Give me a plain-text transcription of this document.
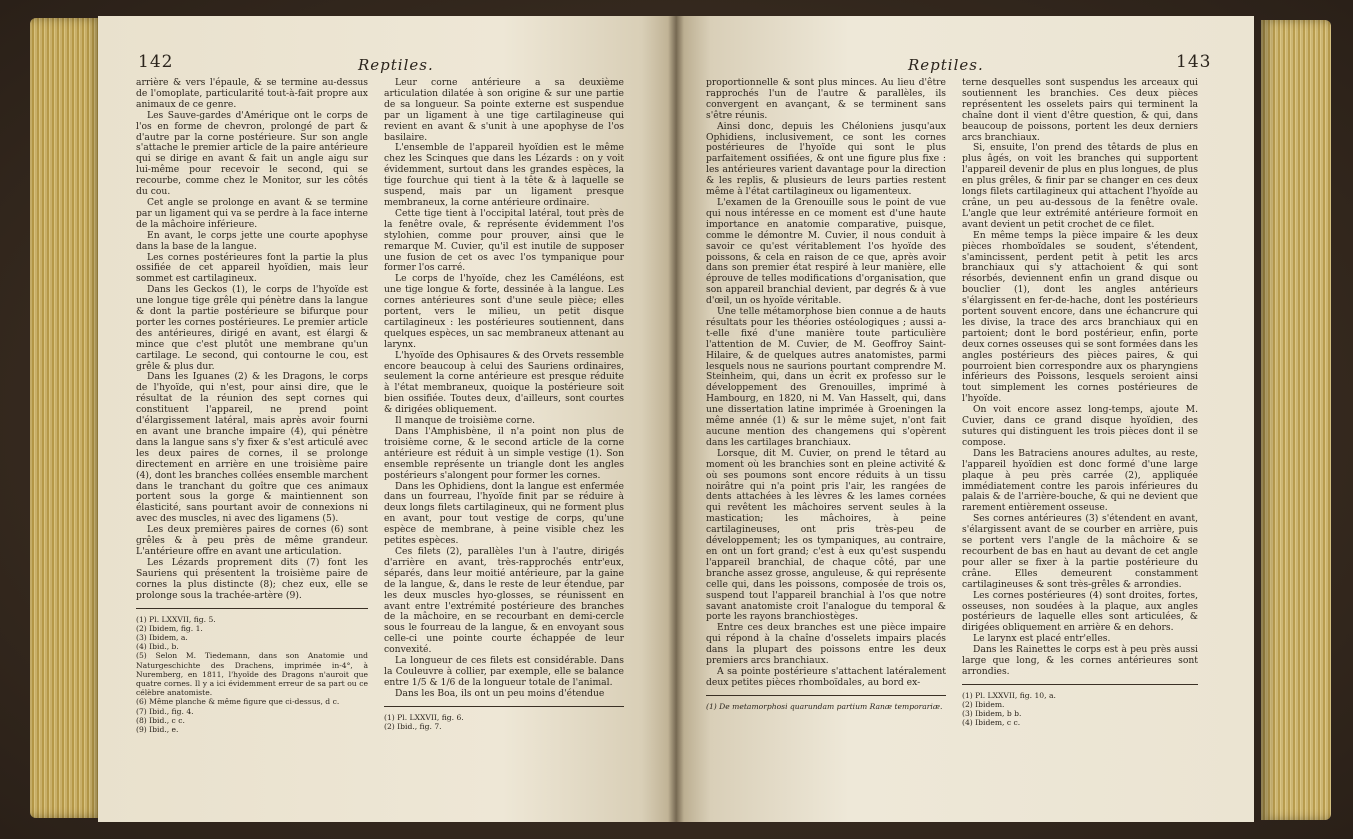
142	Reptiles.

arrière & vers l'épaule, & se termine au-dessus de l'omoplate, particularité tout-à-fait propre aux animaux de ce genre.

Les Sauve-gardes d'Amérique ont le corps de l'os en forme de chevron, prolongé de part & d'autre par la corne postérieure. Sur son angle s'attache le premier article de la paire antérieure qui se dirige en avant & fait un angle aigu sur lui-même pour recevoir le second, qui se recourbe, comme chez le Monitor, sur les côtés du cou.

Cet angle se prolonge en avant & se termine par un ligament qui va se perdre à la face interne de la mâchoire inférieure.

En avant, le corps jette une courte apophyse dans la base de la langue.

Les cornes postérieures font la partie la plus ossifiée de cet appareil hyoïdien, mais leur sommet est cartilagineux.

Dans les Geckos (1), le corps de l'hyoïde est une longue tige grêle qui pénètre dans la langue & dont la partie postérieure se bifurque pour porter les cornes postérieures. Le premier article des antérieures, dirigé en avant, est élargi & mince que c'est plutôt une membrane qu'un cartilage. Le second, qui contourne le cou, est grêle & plus dur.

Dans les Iguanes (2) & les Dragons, le corps de l'hyoïde, qui n'est, pour ainsi dire, que le résultat de la réunion des sept cornes qui constituent l'appareil, ne prend point d'élargissement latéral, mais après avoir fourni en avant une branche impaire (4), qui pénètre dans la langue sans s'y fixer & s'est articulé avec les deux paires de cornes, il se prolonge directement en arrière en une troisième paire (4), dont les branches collées ensemble marchent dans le tranchant du goître que ces animaux portent sous la gorge & maintiennent son élasticité, sans pourtant avoir de connexions ni avec des muscles, ni avec des ligamens (5).

Les deux premières paires de cornes (6) sont grêles & à peu près de même grandeur. L'antérieure offre en avant une articulation.

Les Lézards proprement dits (7) font les Sauriens qui présentent la troisième paire de cornes la plus distincte (8); chez eux, elle se prolonge sous la trachée-artère (9).

(1) Pl. LXXVII, fig. 5.
(2) Ibidem, fig. 1.
(3) Ibidem, a.
(4) Ibid., b.
(5) Selon M. Tiedemann, dans son Anatomie und Naturgeschichte des Drachens, imprimée in-4°, à Nuremberg, en 1811, l'hyoïde des Dragons n'auroit que quatre cornes. Il y a ici évidemment erreur de sa part ou ce célèbre anatomiste.
(6) Même planche & même figure que ci-dessus, d c.
(7) Ibid., fig. 4.
(8) Ibid., c c.
(9) Ibid., e.

Leur corne antérieure a sa deuxième articulation dilatée à son origine & sur une partie de sa longueur. Sa pointe externe est suspendue par un ligament à une tige cartilagineuse qui revient en avant & s'unit à une apophyse de l'os basilaire.

L'ensemble de l'appareil hyoïdien est le même chez les Scinques que dans les Lézards : on y voit évidemment, surtout dans les grandes espèces, la tige fourchue qui tient à la tête & à laquelle se suspend, mais par un ligament presque membraneux, la corne antérieure ordinaire.

Cette tige tient à l'occipital latéral, tout près de la fenêtre ovale, & représente évidemment l'os stylohien, comme pour prouver, ainsi que le remarque M. Cuvier, qu'il est inutile de supposer une fusion de cet os avec l'os tympanique pour former l'os carré.

Le corps de l'hyoïde, chez les Caméléons, est une tige longue & forte, dessinée à la langue. Les cornes antérieures sont d'une seule pièce; elles portent, vers le milieu, un petit disque cartilagineux : les postérieures soutiennent, dans quelques espèces, un sac membraneux attenant au larynx.

L'hyoïde des Ophisaures & des Orvets ressemble encore beaucoup à celui des Sauriens ordinaires, seulement la corne antérieure est presque réduite à l'état membraneux, quoique la postérieure soit bien ossifiée. Toutes deux, d'ailleurs, sont courtes & dirigées obliquement.

Il manque de troisième corne.

Dans l'Amphisbène, il n'a point non plus de troisième corne, & le second article de la corne antérieure est réduit à un simple vestige (1). Son ensemble représente un triangle dont les angles postérieurs s'alongent pour former les cornes.

Dans les Ophidiens, dont la langue est enfermée dans un fourreau, l'hyoïde finit par se réduire à deux longs filets cartilagineux, qui ne forment plus en avant, pour tout vestige de corps, qu'une espèce de membrane, à peine visible chez les petites espèces.

Ces filets (2), parallèles l'un à l'autre, dirigés d'arrière en avant, très-rapprochés entr'eux, séparés, dans leur moitié antérieure, par la gaine de la langue, &, dans le reste de leur étendue, par les deux muscles hyo-glosses, se réunissent en avant entre l'extrémité postérieure des branches de la mâchoire, en se recourbant en demi-cercle sous le fourreau de la langue, & en envoyant sous celle-ci une pointe courte échappée de leur convexité.

La longueur de ces filets est considérable. Dans la Couleuvre à collier, par exemple, elle se balance entre 1/5 & 1/6 de la longueur totale de l'animal.

Dans les Boa, ils ont un peu moins d'étendue

(1) Pl. LXXVII, fig. 6.
(2) Ibid., fig. 7.
Reptiles.	143

proportionnelle & sont plus minces. Au lieu d'être rapprochés l'un de l'autre & parallèles, ils convergent en avançant, & se terminent sans s'être réunis.

Ainsi donc, depuis les Chéloniens jusqu'aux Ophidiens, inclusivement, ce sont les cornes postérieures de l'hyoïde qui sont le plus parfaitement ossifiées, & ont une figure plus fixe : les antérieures varient davantage pour la direction & les replis, & plusieurs de leurs parties restent même à l'état cartilagineux ou ligamenteux.

L'examen de la Grenouille sous le point de vue qui nous intéresse en ce moment est d'une haute importance en anatomie comparative, puisque, comme le démontre M. Cuvier, il nous conduit à savoir ce qu'est véritablement l'os hyoïde des poissons, & cela en raison de ce que, après avoir dans son premier état respiré à leur manière, elle éprouve de telles modifications d'organisation, que son appareil branchial devient, par degrés & à vue d'œil, un os hyoïde véritable.

Une telle métamorphose bien connue a de hauts résultats pour les théories ostéologiques ; aussi a-t-elle fixé d'une manière toute particulière l'attention de M. Cuvier, de M. Geoffroy Saint-Hilaire, & de quelques autres anatomistes, parmi lesquels nous ne saurions pourtant comprendre M. Steinheim, qui, dans un écrit ex professo sur le développement des Grenouilles, imprimé à Hambourg, en 1820, ni M. Van Hasselt, qui, dans une dissertation latine imprimée à Groeningen la même année (1) & sur le même sujet, n'ont fait aucune mention des changemens qui s'opèrent dans les cartilages branchiaux.

Lorsque, dit M. Cuvier, on prend le têtard au moment où les branchies sont en pleine activité & où ses poumons sont encore réduits à un tissu noirâtre qui n'a point pris l'air, les rangées de dents attachées à les lèvres & les lames cornées qui revêtent les mâchoires servent seules à la mastication; les mâchoires, à peine cartilagineuses, ont pris très-peu de développement; les os tympaniques, au contraire, en ont un fort grand; c'est à eux qu'est suspendu l'appareil branchial, de chaque côté, par une branche assez grosse, anguleuse, & qui représente celle qui, dans les poissons, composée de trois os, suspend tout l'appareil branchial à l'os que notre savant anatomiste croit l'analogue du temporal & porte les rayons branchiostèges.

Entre ces deux branches est une pièce impaire qui répond à la chaîne d'osselets impairs placés dans la plupart des poissons entre les deux premiers arcs branchiaux.

A sa pointe postérieure s'attachent latéralement deux petites pièces rhomboïdales, au bord ex-

(1) De metamorphosi quarundam partium Ranæ temporariæ.

terne desquelles sont suspendus les arceaux qui soutiennent les branchies. Ces deux pièces représentent les osselets pairs qui terminent la chaîne dont il vient d'être question, & qui, dans beaucoup de poissons, portent les deux derniers arcs branchiaux.

Si, ensuite, l'on prend des têtards de plus en plus âgés, on voit les branches qui supportent l'appareil devenir de plus en plus longues, de plus en plus grêles, & finir par se changer en ces deux longs filets cartilagineux qui attachent l'hyoïde au crâne, un peu au-dessous de la fenêtre ovale. L'angle que leur extrémité antérieure formoit en avant devient un petit crochet de ce filet.

En même temps la pièce impaire & les deux pièces rhomboïdales se soudent, s'étendent, s'amincissent, perdent petit à petit les arcs branchiaux qui s'y attachoient & qui sont résorbés, deviennent enfin un grand disque ou bouclier (1), dont les angles antérieurs s'élargissent en fer-de-hache, dont les postérieurs portent souvent encore, dans une échancrure qui les divise, la trace des arcs branchiaux qui en partoient; dont le bord postérieur, enfin, porte deux cornes osseuses qui se sont formées dans les angles postérieurs des pièces paires, & qui pourroient bien correspondre aux os pharyngiens inférieurs des Poissons, lesquels seroient ainsi tout simplement les cornes postérieures de l'hyoïde.

On voit encore assez long-temps, ajoute M. Cuvier, dans ce grand disque hyoïdien, des sutures qui distinguent les trois pièces dont il se compose.

Dans les Batraciens anoures adultes, au reste, l'appareil hyoïdien est donc formé d'une large plaque à peu près carrée (2), appliquée immédiatement contre les parois inférieures du palais & de l'arrière-bouche, & qui ne devient que rarement entièrement osseuse.

Ses cornes antérieures (3) s'étendent en avant, s'élargissent avant de se courber en arrière, puis se portent vers l'angle de la mâchoire & se recourbent de bas en haut au devant de cet angle pour aller se fixer à la partie postérieure du crâne. Elles demeurent constamment cartilagineuses & sont très-grêles & arrondies.

Les cornes postérieures (4) sont droites, fortes, osseuses, non soudées à la plaque, aux angles postérieurs de laquelle elles sont articulées, & dirigées obliquement en arrière & en dehors.

Le larynx est placé entr'elles.

Dans les Rainettes le corps est à peu près aussi large que long, & les cornes antérieures sont arrondies.

(1) Pl. LXXVII, fig. 10, a.
(2) Ibidem.
(3) Ibidem, b b.
(4) Ibidem, c c.
